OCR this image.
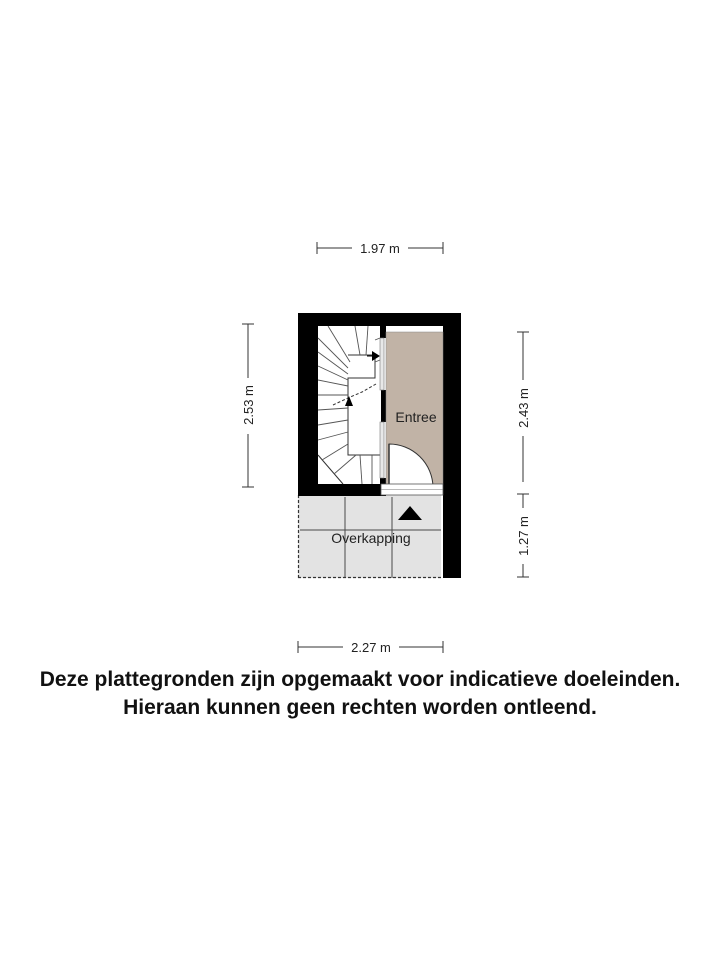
1.97 m
2.53 m	2.43 m
1.27 m
2.27 m
Overkapping
Entree
Deze plattegronden zijn opgemaakt voor indicatieve doeleinden.
Hieraan kunnen geen rechten worden ontleend.
